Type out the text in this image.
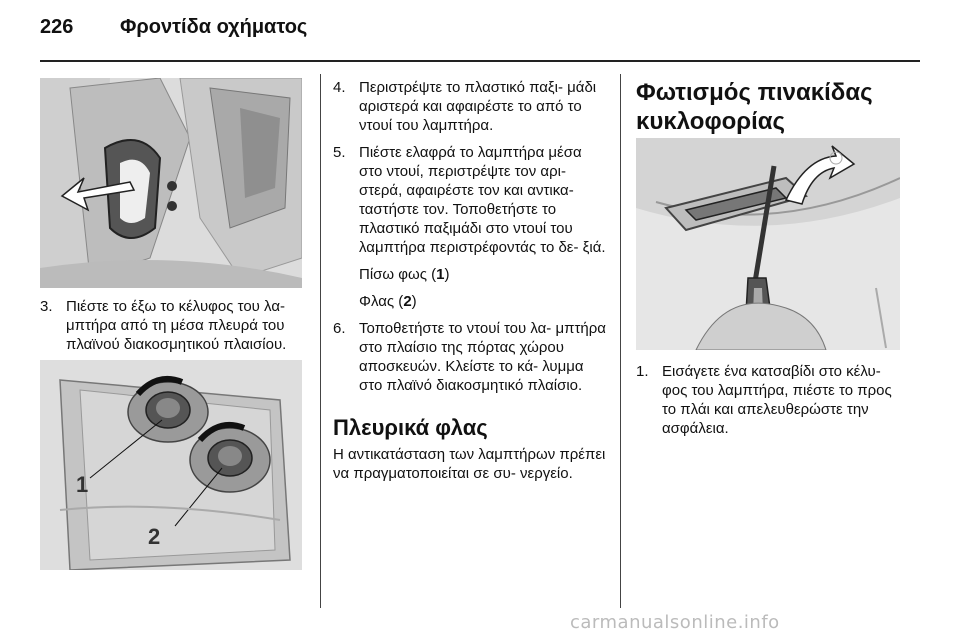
226 Φροντίδα οχήματος
3. Πιέστε το έξω το κέλυφος του λα- μπτήρα από τη μέσα πλευρά του πλαϊνού διακοσμητικού πλαισίου.
1
2
4. Περιστρέψτε το πλαστικό παξι- μάδι αριστερά και αφαιρέστε το από το ντουί του λαμπτήρα.
5. Πιέστε ελαφρά το λαμπτήρα μέσα στο ντουί, περιστρέψτε τον αρι- στερά, αφαιρέστε τον και αντικα- ταστήστε τον. Τοποθετήστε το πλαστικό παξιμάδι στο ντουί του λαμπτήρα περιστρέφοντάς το δε- ξιά.
Πίσω φως (1)
Φλας (2)
6. Τοποθετήστε το ντουί του λα- μπτήρα στο πλαίσιο της πόρτας χώρου αποσκευών. Κλείστε το κά- λυμμα στο πλαϊνό διακοσμητικό πλαίσιο.
Πλευρικά φλας
Η αντικατάσταση των λαμπτήρων πρέπει να πραγματοποιείται σε συ- νεργείο.
Φωτισμός πινακίδας
κυκλοφορίας
1. Εισάγετε ένα κατσαβίδι στο κέλυ- φος του λαμπτήρα, πιέστε το προς το πλάι και απελευθερώστε την ασφάλεια.
carmanualsonline.info
